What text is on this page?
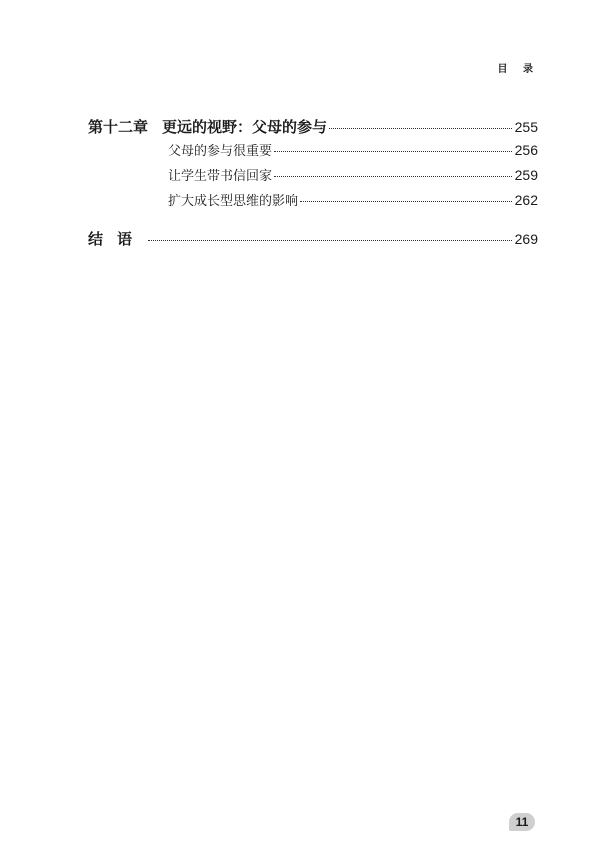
目 录
第十二章 更远的视野：父母的参与	255
父母的参与很重要	256
让学生带书信回家	259
扩大成长型思维的影响	262
结语	269
11
